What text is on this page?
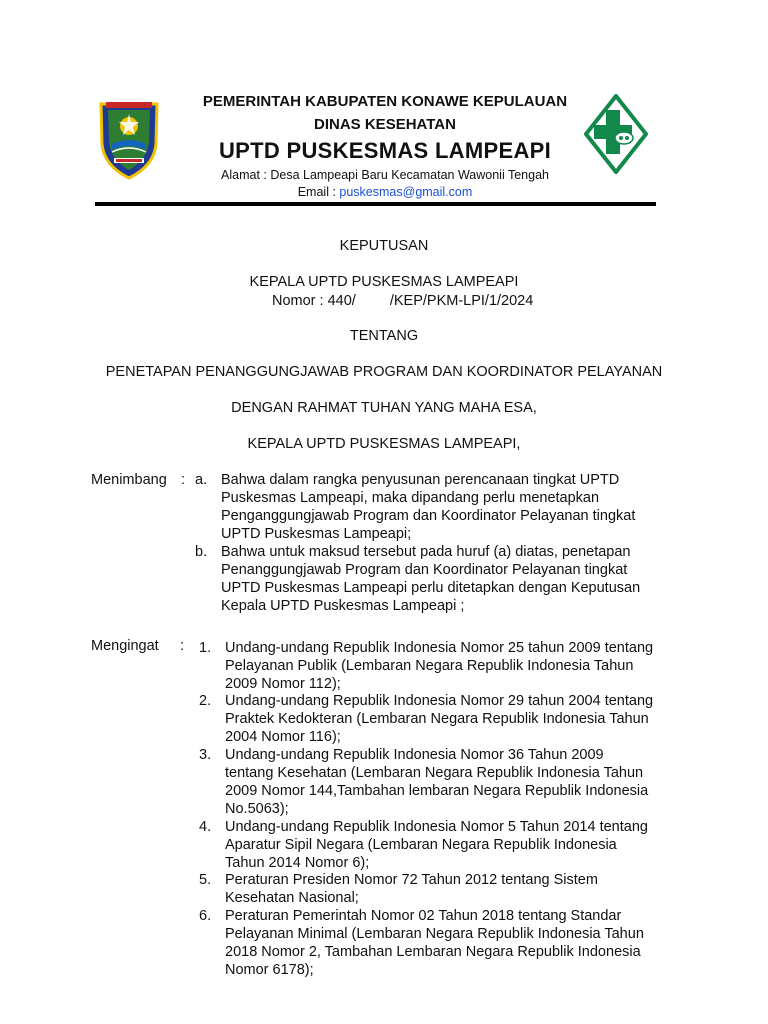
PEMERINTAH KABUPATEN KONAWE KEPULAUAN
DINAS KESEHATAN
UPTD PUSKESMAS LAMPEAPI
Alamat : Desa Lampeapi Baru Kecamatan Wawonii Tengah
Email : puskesmas@gmail.com
KEPUTUSAN
KEPALA UPTD PUSKESMAS LAMPEAPI
Nomor : 440/ /KEP/PKM-LPI/1/2024
TENTANG
PENETAPAN PENANGGUNGJAWAB PROGRAM DAN KOORDINATOR PELAYANAN
DENGAN RAHMAT TUHAN YANG MAHA ESA,
KEPALA UPTD PUSKESMAS LAMPEAPI,
Menimbang : a. Bahwa dalam rangka penyusunan perencanaan tingkat UPTD
Puskesmas Lampeapi, maka dipandang perlu menetapkan
Penganggungjawab Program dan Koordinator Pelayanan tingkat
UPTD Puskesmas Lampeapi;
b. Bahwa untuk maksud tersebut pada huruf (a) diatas, penetapan
Penanggungjawab Program dan Koordinator Pelayanan tingkat
UPTD Puskesmas Lampeapi perlu ditetapkan dengan Keputusan
Kepala UPTD Puskesmas Lampeapi ;
Mengingat : 1. Undang-undang Republik Indonesia Nomor 25 tahun 2009 tentang
Pelayanan Publik (Lembaran Negara Republik Indonesia Tahun
2009 Nomor 112);
2. Undang-undang Republik Indonesia Nomor 29 tahun 2004 tentang
Praktek Kedokteran (Lembaran Negara Republik Indonesia Tahun
2004 Nomor 116);
3. Undang-undang Republik Indonesia Nomor 36 Tahun 2009
tentang Kesehatan (Lembaran Negara Republik Indonesia Tahun
2009 Nomor 144,Tambahan lembaran Negara Republik Indonesia
No.5063);
4. Undang-undang Republik Indonesia Nomor 5 Tahun 2014 tentang
Aparatur Sipil Negara (Lembaran Negara Republik Indonesia
Tahun 2014 Nomor 6);
5. Peraturan Presiden Nomor 72 Tahun 2012 tentang Sistem
Kesehatan Nasional;
6. Peraturan Pemerintah Nomor 02 Tahun 2018 tentang Standar
Pelayanan Minimal (Lembaran Negara Republik Indonesia Tahun
2018 Nomor 2, Tambahan Lembaran Negara Republik Indonesia
Nomor 6178);
